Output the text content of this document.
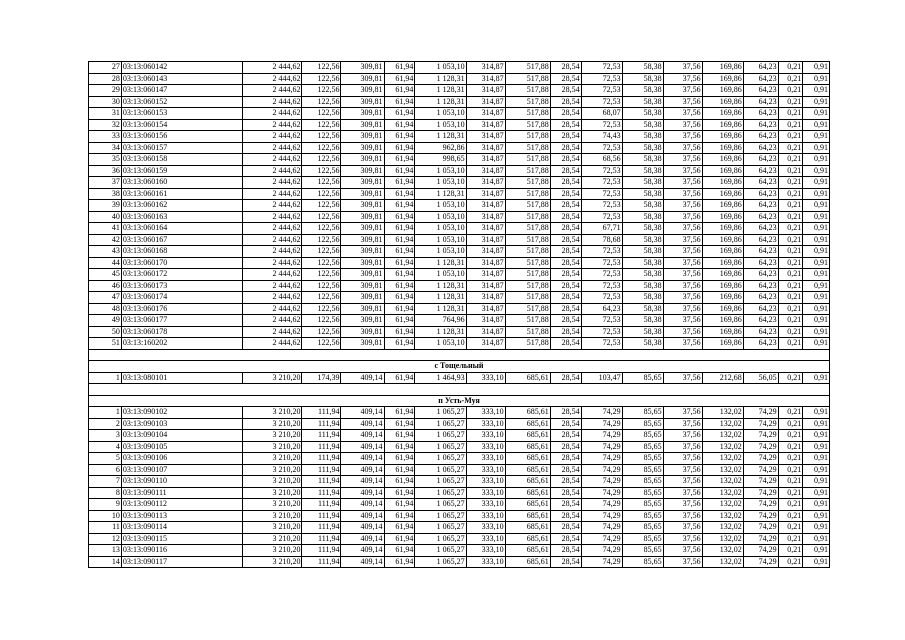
27	03:13:060142	2 444,62	122,56	309,81	61,94	1 053,10	314,87	517,88	28,54	72,53	58,38	37,56	169,86	64,23	0,21	0,91
28	03:13:060143	2 444,62	122,56	309,81	61,94	1 128,31	314,87	517,88	28,54	72,53	58,38	37,56	169,86	64,23	0,21	0,91
29	03:13:060147	2 444,62	122,56	309,81	61,94	1 128,31	314,87	517,88	28,54	72,53	58,38	37,56	169,86	64,23	0,21	0,91
30	03:13:060152	2 444,62	122,56	309,81	61,94	1 128,31	314,87	517,88	28,54	72,53	58,38	37,56	169,86	64,23	0,21	0,91
31	03:13:060153	2 444,62	122,56	309,81	61,94	1 053,10	314,87	517,88	28,54	68,07	58,38	37,56	169,86	64,23	0,21	0,91
32	03:13:060154	2 444,62	122,56	309,81	61,94	1 053,10	314,87	517,88	28,54	72,53	58,38	37,56	169,86	64,23	0,21	0,91
33	03:13:060156	2 444,62	122,56	309,81	61,94	1 128,31	314,87	517,88	28,54	74,43	58,38	37,56	169,86	64,23	0,21	0,91
34	03:13:060157	2 444,62	122,56	309,81	61,94	962,86	314,87	517,88	28,54	72,53	58,38	37,56	169,86	64,23	0,21	0,91
35	03:13:060158	2 444,62	122,56	309,81	61,94	998,65	314,87	517,88	28,54	68,56	58,38	37,56	169,86	64,23	0,21	0,91
36	03:13:060159	2 444,62	122,56	309,81	61,94	1 053,10	314,87	517,88	28,54	72,53	58,38	37,56	169,86	64,23	0,21	0,91
37	03:13:060160	2 444,62	122,56	309,81	61,94	1 053,10	314,87	517,88	28,54	72,53	58,38	37,56	169,86	64,23	0,21	0,91
38	03:13:060161	2 444,62	122,56	309,81	61,94	1 128,31	314,87	517,88	28,54	72,53	58,38	37,56	169,86	64,23	0,21	0,91
39	03:13:060162	2 444,62	122,56	309,81	61,94	1 053,10	314,87	517,88	28,54	72,53	58,38	37,56	169,86	64,23	0,21	0,91
40	03:13:060163	2 444,62	122,56	309,81	61,94	1 053,10	314,87	517,88	28,54	72,53	58,38	37,56	169,86	64,23	0,21	0,91
41	03:13:060164	2 444,62	122,56	309,81	61,94	1 053,10	314,87	517,88	28,54	67,71	58,38	37,56	169,86	64,23	0,21	0,91
42	03:13:060167	2 444,62	122,56	309,81	61,94	1 053,10	314,87	517,88	28,54	78,68	58,38	37,56	169,86	64,23	0,21	0,91
43	03:13:060168	2 444,62	122,56	309,81	61,94	1 053,10	314,87	517,88	28,54	72,53	58,38	37,56	169,86	64,23	0,21	0,91
44	03:13:060170	2 444,62	122,56	309,81	61,94	1 128,31	314,87	517,88	28,54	72,53	58,38	37,56	169,86	64,23	0,21	0,91
45	03:13:060172	2 444,62	122,56	309,81	61,94	1 053,10	314,87	517,88	28,54	72,53	58,38	37,56	169,86	64,23	0,21	0,91
46	03:13:060173	2 444,62	122,56	309,81	61,94	1 128,31	314,87	517,88	28,54	72,53	58,38	37,56	169,86	64,23	0,21	0,91
47	03:13:060174	2 444,62	122,56	309,81	61,94	1 128,31	314,87	517,88	28,54	72,53	58,38	37,56	169,86	64,23	0,21	0,91
48	03:13:060176	2 444,62	122,56	309,81	61,94	1 128,31	314,87	517,88	28,54	64,23	58,38	37,56	169,86	64,23	0,21	0,91
49	03:13:060177	2 444,62	122,56	309,81	61,94	764,96	314,87	517,88	28,54	72,53	58,38	37,56	169,86	64,23	0,21	0,91
50	03:13:060178	2 444,62	122,56	309,81	61,94	1 128,31	314,87	517,88	28,54	72,53	58,38	37,56	169,86	64,23	0,21	0,91
51	03:13:160202	2 444,62	122,56	309,81	61,94	1 053,10	314,87	517,88	28,54	72,53	58,38	37,56	169,86	64,23	0,21	0,91

с Тощельный																
1	03:13:080101	3 210,20	174,39	409,14	61,94	1 464,93	333,10	685,61	28,54	103,47	85,65	37,56	212,68	56,05	0,21	0,91

п Усть-Муя																
1	03:13:090102	3 210,20	111,94	409,14	61,94	1 065,27	333,10	685,61	28,54	74,29	85,65	37,56	132,02	74,29	0,21	0,91
2	03:13:090103	3 210,20	111,94	409,14	61,94	1 065,27	333,10	685,61	28,54	74,29	85,65	37,56	132,02	74,29	0,21	0,91
3	03:13:090104	3 210,20	111,94	409,14	61,94	1 065,27	333,10	685,61	28,54	74,29	85,65	37,56	132,02	74,29	0,21	0,91
4	03:13:090105	3 210,20	111,94	409,14	61,94	1 065,27	333,10	685,61	28,54	74,29	85,65	37,56	132,02	74,29	0,21	0,91
5	03:13:090106	3 210,20	111,94	409,14	61,94	1 065,27	333,10	685,61	28,54	74,29	85,65	37,56	132,02	74,29	0,21	0,91
6	03:13:090107	3 210,20	111,94	409,14	61,94	1 065,27	333,10	685,61	28,54	74,29	85,65	37,56	132,02	74,29	0,21	0,91
7	03:13:090110	3 210,20	111,94	409,14	61,94	1 065,27	333,10	685,61	28,54	74,29	85,65	37,56	132,02	74,29	0,21	0,91
8	03:13:090111	3 210,20	111,94	409,14	61,94	1 065,27	333,10	685,61	28,54	74,29	85,65	37,56	132,02	74,29	0,21	0,91
9	03:13:090112	3 210,20	111,94	409,14	61,94	1 065,27	333,10	685,61	28,54	74,29	85,65	37,56	132,02	74,29	0,21	0,91
10	03:13:090113	3 210,20	111,94	409,14	61,94	1 065,27	333,10	685,61	28,54	74,29	85,65	37,56	132,02	74,29	0,21	0,91
11	03:13:090114	3 210,20	111,94	409,14	61,94	1 065,27	333,10	685,61	28,54	74,29	85,65	37,56	132,02	74,29	0,21	0,91
12	03:13:090115	3 210,20	111,94	409,14	61,94	1 065,27	333,10	685,61	28,54	74,29	85,65	37,56	132,02	74,29	0,21	0,91
13	03:13:090116	3 210,20	111,94	409,14	61,94	1 065,27	333,10	685,61	28,54	74,29	85,65	37,56	132,02	74,29	0,21	0,91
14	03:13:090117	3 210,20	111,94	409,14	61,94	1 065,27	333,10	685,61	28,54	74,29	85,65	37,56	132,02	74,29	0,21	0,91
